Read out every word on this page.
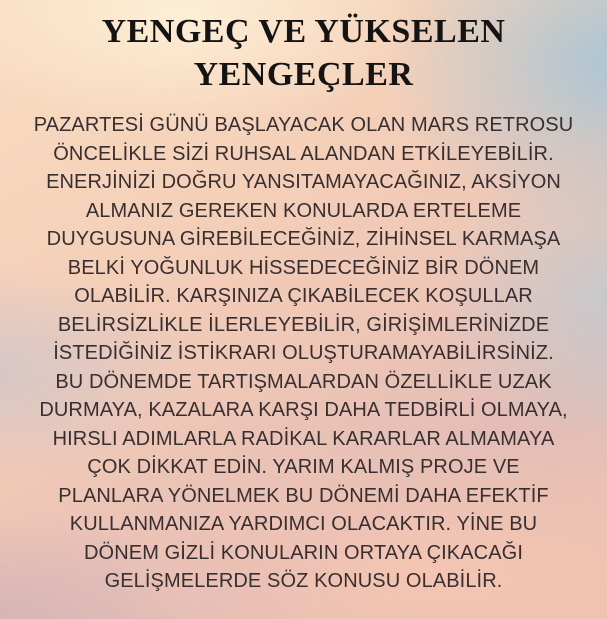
YENGEÇ VE YÜKSELEN YENGEÇLER
PAZARTESİ GÜNÜ BAŞLAYACAK OLAN MARS RETROSU
ÖNCELİKLE SİZİ RUHSAL ALANDAN ETKİLEYEBİLİR.
ENERJİNİZİ DOĞRU YANSITAMAYACAĞINIZ, AKSİYON
ALMANIZ GEREKEN KONULARDA ERTELEME
DUYGUSUNA GİREBİLECEĞİNİZ, ZİHİNSEL KARMAŞA
BELKİ YOĞUNLUK HİSSEDECEĞİNİZ BİR DÖNEM
OLABİLİR. KARŞINIZA ÇIKABİLECEK KOŞULLAR
BELİRSİZLİKLE İLERLEYEBİLİR, GİRİŞİMLERİNİZDE
İSTEDİĞİNİZ İSTİKRARI OLUŞTURAMAYABİLİRSİNİZ.
BU DÖNEMDE TARTIŞMALARDAN ÖZELLİKLE UZAK
DURMAYA, KAZALARA KARŞI DAHA TEDBİRLİ OLMAYA,
HIRSLI ADIMLARLA RADİKAL KARARLAR ALMAMAYA
ÇOK DİKKAT EDİN. YARIM KALMIŞ PROJE VE
PLANLARA YÖNELMEK BU DÖNEMİ DAHA EFEKTİF
KULLANMANIZA YARDIMCI OLACAKTIR. YİNE BU
DÖNEM GİZLİ KONULARIN ORTAYA ÇIKACAĞI
GELİŞMELERDE SÖZ KONUSU OLABİLİR.
